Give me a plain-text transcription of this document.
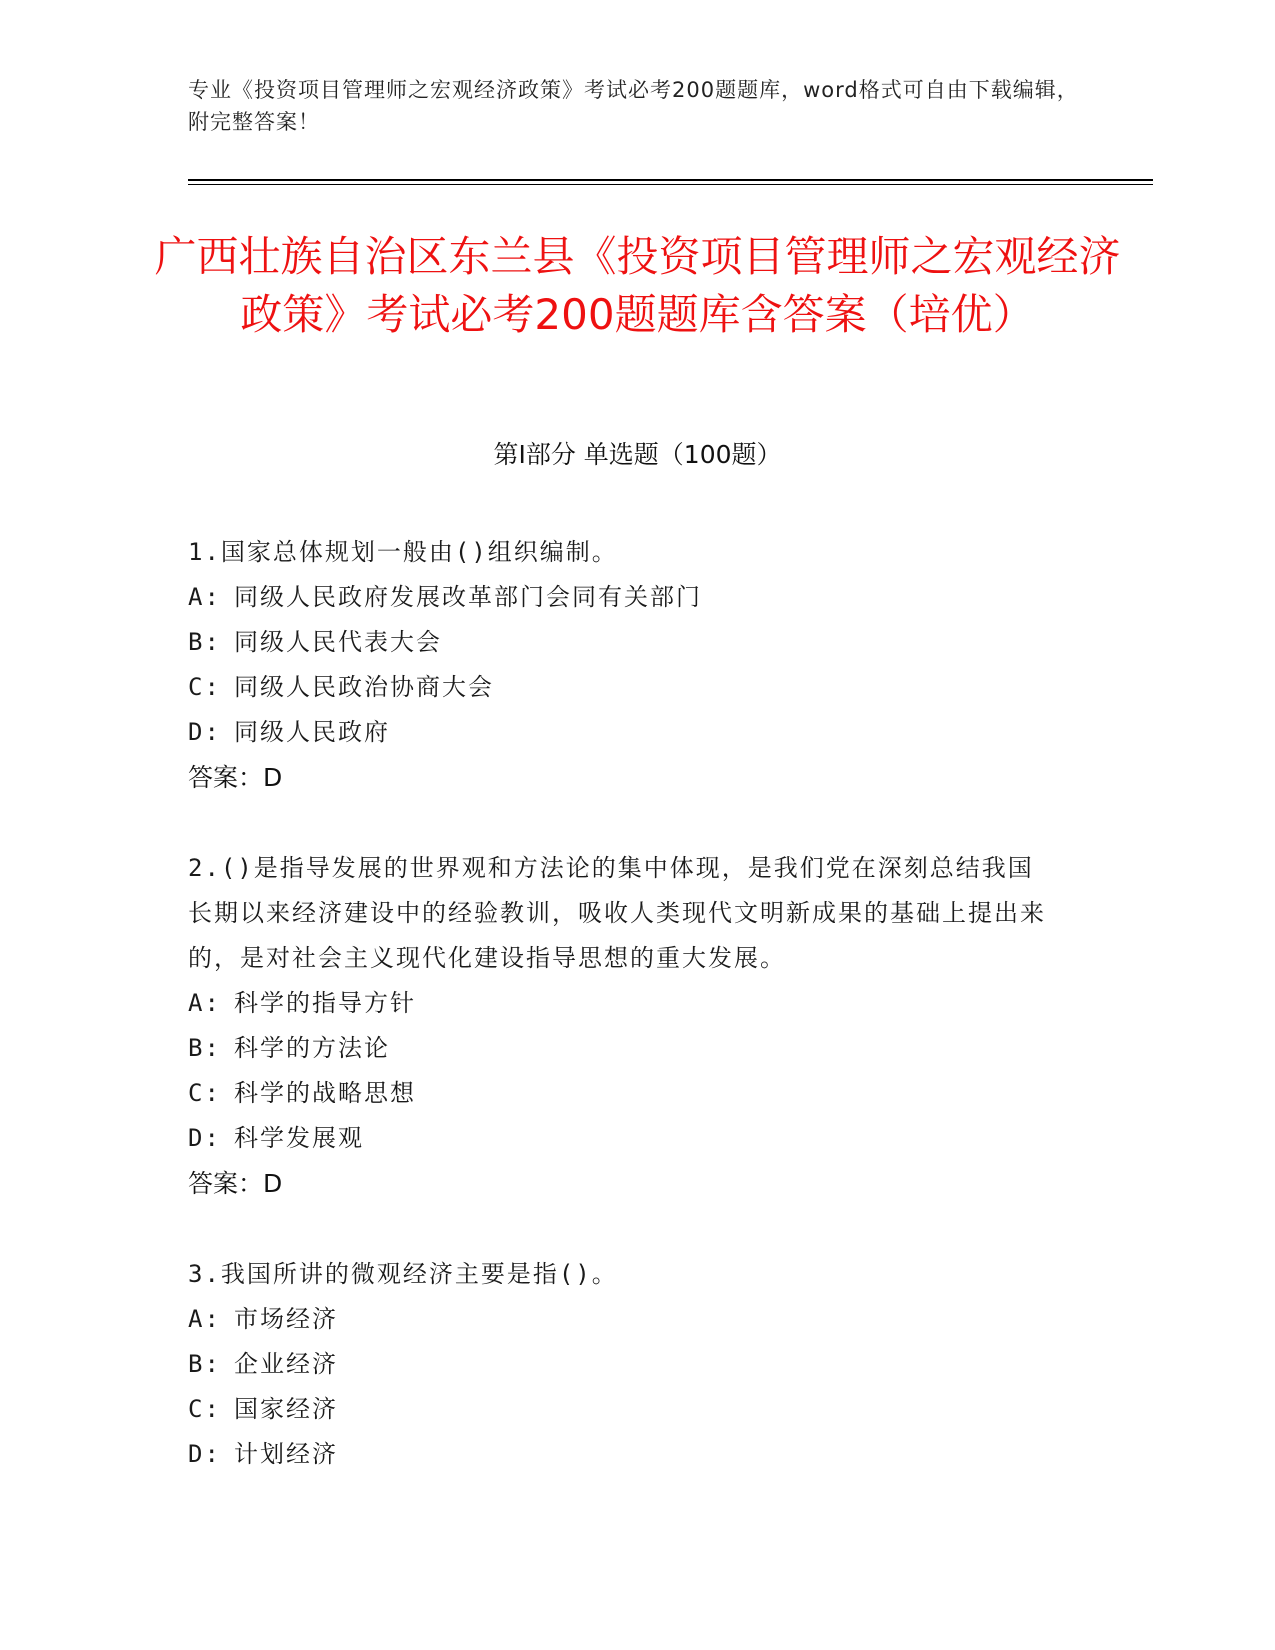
专业《投资项目管理师之宏观经济政策》考试必考200题题库，word格式可自由下载编辑，附完整答案！
广西壮族自治区东兰县《投资项目管理师之宏观经济政策》考试必考200题题库含答案（培优）
第I部分 单选题（100题）
1.国家总体规划一般由()组织编制。
A: 同级人民政府发展改革部门会同有关部门
B: 同级人民代表大会
C: 同级人民政治协商大会
D: 同级人民政府
答案：D
2.()是指导发展的世界观和方法论的集中体现，是我们党在深刻总结我国长期以来经济建设中的经验教训，吸收人类现代文明新成果的基础上提出来的，是对社会主义现代化建设指导思想的重大发展。
A: 科学的指导方针
B: 科学的方法论
C: 科学的战略思想
D: 科学发展观
答案：D
3.我国所讲的微观经济主要是指()。
A: 市场经济
B: 企业经济
C: 国家经济
D: 计划经济
